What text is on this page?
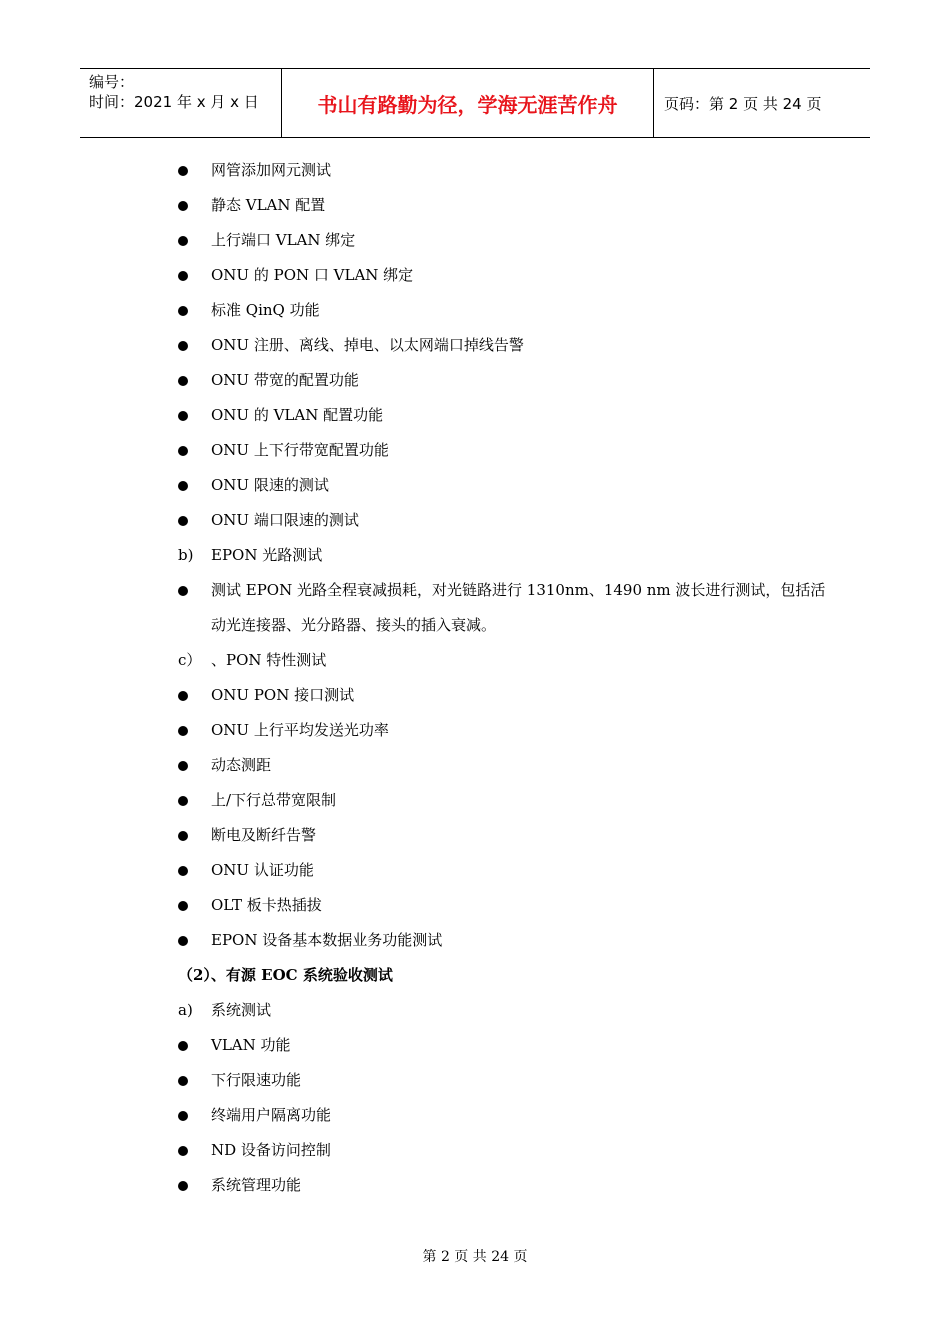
编号：
时间：2021 年 x 月 x 日	书山有路勤为径，学海无涯苦作舟	页码：第 2 页 共 24 页
网管添加网元测试
静态 VLAN 配置
上行端口 VLAN 绑定
ONU 的 PON 口 VLAN 绑定
标准 QinQ 功能
ONU 注册、离线、掉电、以太网端口掉线告警
ONU 带宽的配置功能
ONU 的 VLAN 配置功能
ONU 上下行带宽配置功能
ONU 限速的测试
ONU 端口限速的测试
b) EPON 光路测试
测试 EPON 光路全程衰减损耗，对光链路进行 1310nm、1490 nm 波长进行测试，包括活动光连接器、光分路器、接头的插入衰减。
c） 、PON 特性测试
ONU PON 接口测试
ONU 上行平均发送光功率
动态测距
上/下行总带宽限制
断电及断纤告警
ONU 认证功能
OLT 板卡热插拔
EPON 设备基本数据业务功能测试
（2）、有源 EOC 系统验收测试
a) 系统测试
VLAN 功能
下行限速功能
终端用户隔离功能
ND 设备访问控制
系统管理功能
第 2 页 共 24 页
